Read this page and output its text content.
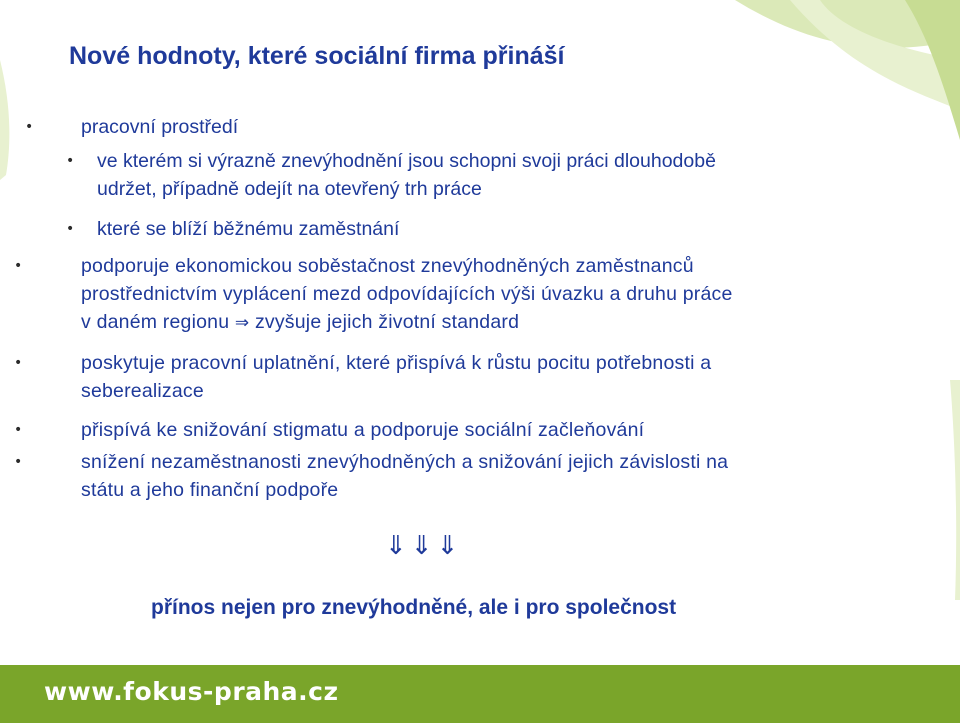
Nové hodnoty, které sociální firma přináší
• pracovní prostředí
• ve kterém si výrazně znevýhodnění jsou schopni svoji práci dlouhodobě
udržet, případně odejít na otevřený trh práce
• které se blíží běžnému zaměstnání
•	podporuje ekonomickou soběstačnost znevýhodněných zaměstnanců
prostřednictvím vyplácení mezd odpovídajících výši úvazku a druhu práce
v daném regionu ⇒ zvyšuje jejich životní standard
•	poskytuje pracovní uplatnění, které přispívá k růstu pocitu potřebnosti a
seberealizace
•	přispívá ke snižování stigmatu a podporuje sociální začleňování
•	snížení nezaměstnanosti znevýhodněných a snižování jejich závislosti na
státu a jeho finanční podpoře
⇓⇓⇓

přínos nejen pro znevýhodněné, ale i pro společnost

www.fokus-praha.cz
